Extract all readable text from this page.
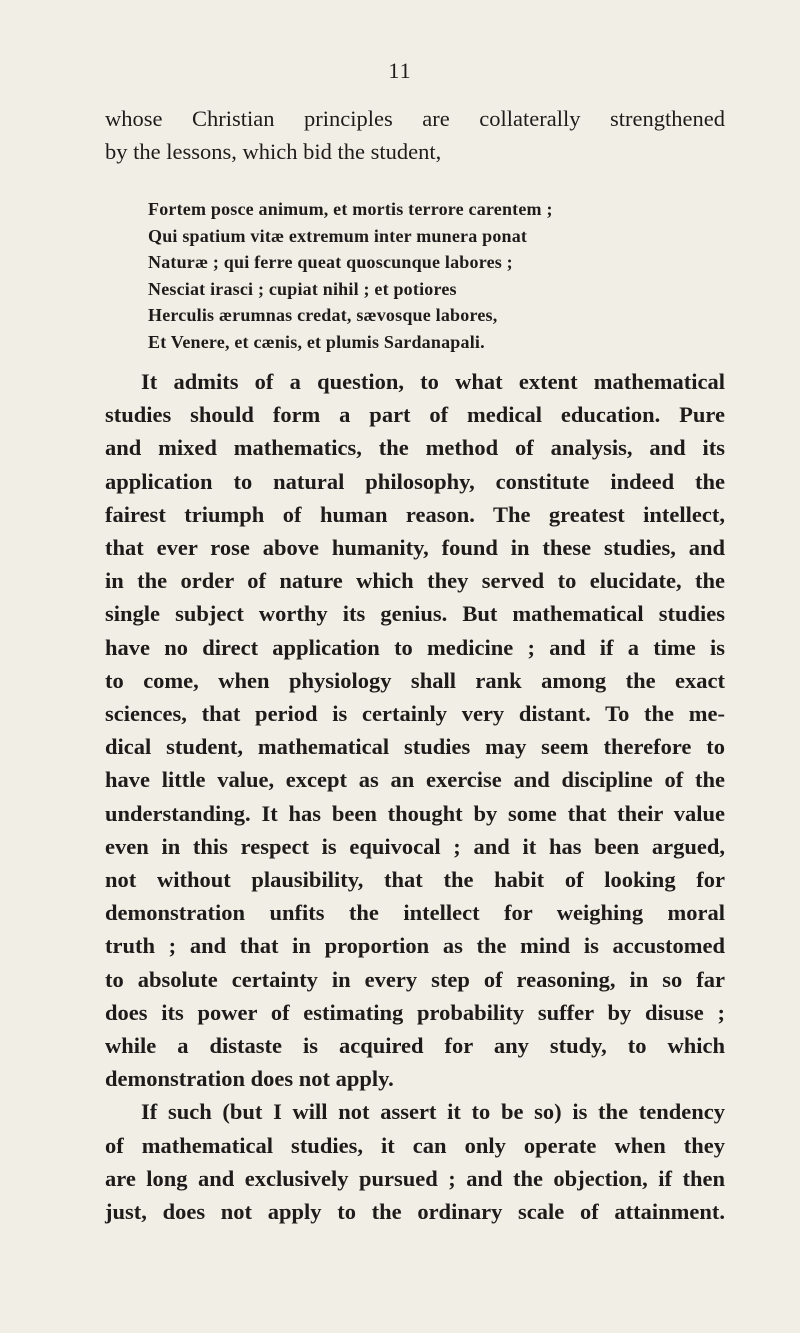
11

whose Christian principles are collaterally strengthened
by the lessons, which bid the student,

Fortem posce animum, et mortis terrore carentem ;
Qui spatium vitæ extremum inter munera ponat
Naturæ ; qui ferre queat quoscunque labores ;
Nesciat irasci ; cupiat nihil ; et potiores
Herculis ærumnas credat, sævosque labores,
Et Venere, et cænis, et plumis Sardanapali.

It admits of a question, to what extent mathematical
studies should form a part of medical education. Pure
and mixed mathematics, the method of analysis, and its
application to natural philosophy, constitute indeed the
fairest triumph of human reason. The greatest intellect,
that ever rose above humanity, found in these studies, and
in the order of nature which they served to elucidate, the
single subject worthy its genius. But mathematical studies
have no direct application to medicine ; and if a time is
to come, when physiology shall rank among the exact
sciences, that period is certainly very distant. To the me-
dical student, mathematical studies may seem therefore to
have little value, except as an exercise and discipline of the
understanding. It has been thought by some that their value
even in this respect is equivocal ; and it has been argued,
not without plausibility, that the habit of looking for
demonstration unfits the intellect for weighing moral
truth ; and that in proportion as the mind is accustomed
to absolute certainty in every step of reasoning, in so far
does its power of estimating probability suffer by disuse ;
while a distaste is acquired for any study, to which
demonstration does not apply.
If such (but I will not assert it to be so) is the tendency
of mathematical studies, it can only operate when they
are long and exclusively pursued ; and the objection, if then
just, does not apply to the ordinary scale of attainment.
